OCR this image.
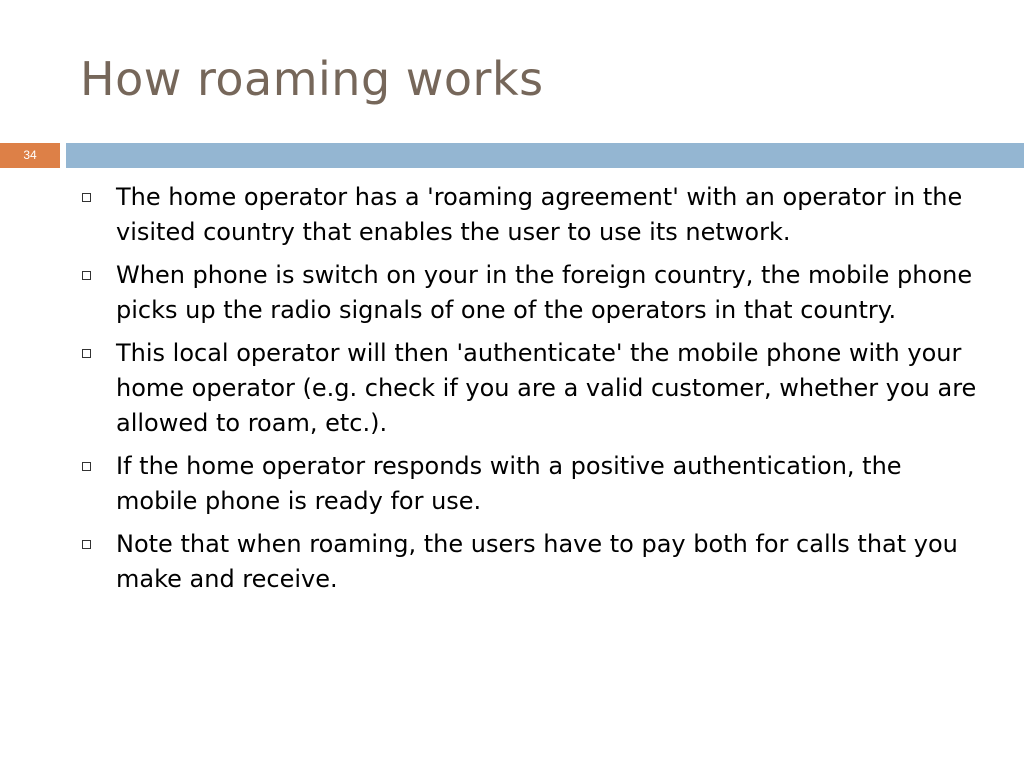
How roaming works
34
The home operator has a 'roaming agreement' with an operator in the visited country that enables the user to use its network.
When phone is switch on your in the foreign country, the mobile phone picks up the radio signals of one of the operators in that country.
This local operator will then 'authenticate' the mobile phone with your home operator (e.g. check if you are a valid customer, whether you are allowed to roam, etc.).
If the home operator responds with a positive authentication, the mobile phone is ready for use.
Note that when roaming, the users have to pay both for calls that you make and receive.
